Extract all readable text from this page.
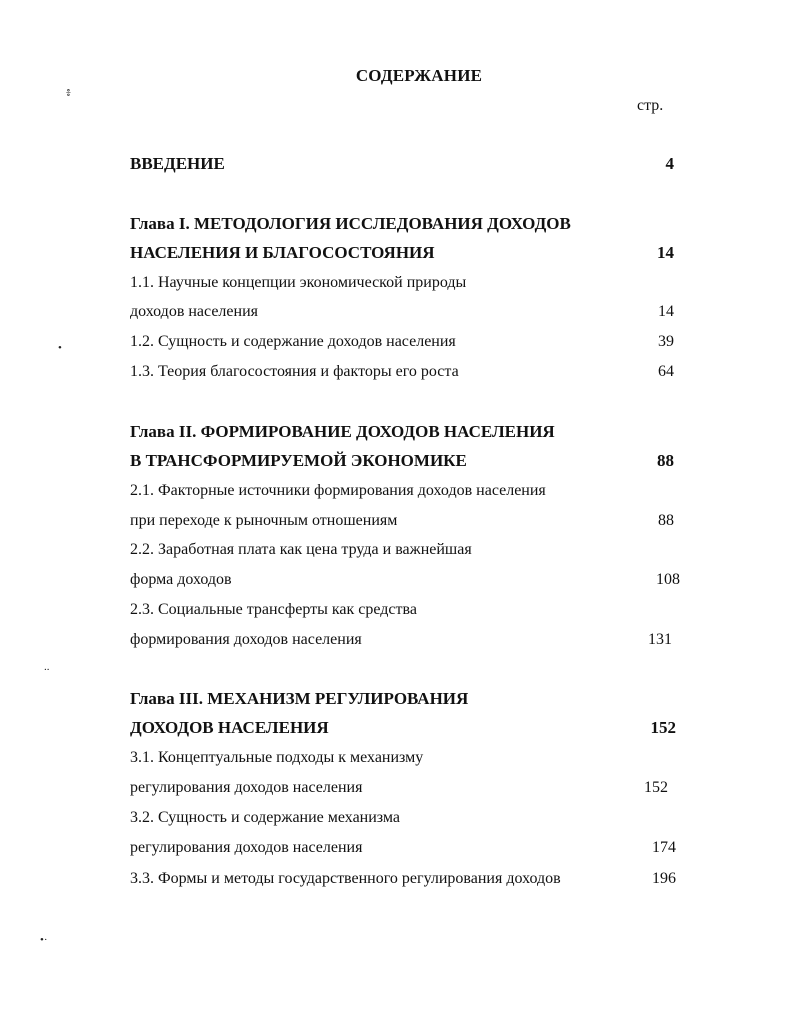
СОДЕРЖАНИЕ
стр.
ВВЕДЕНИЕ	4
Глава I. МЕТОДОЛОГИЯ ИССЛЕДОВАНИЯ ДОХОДОВ
НАСЕЛЕНИЯ И БЛАГОСОСТОЯНИЯ	14
1.1. Научные концепции экономической природы
доходов населения	14
1.2. Сущность и содержание доходов населения	39
1.3. Теория благосостояния и факторы его роста	64
Глава II. ФОРМИРОВАНИЕ ДОХОДОВ НАСЕЛЕНИЯ
В ТРАНСФОРМИРУЕМОЙ ЭКОНОМИКЕ	88
2.1. Факторные источники формирования доходов населения
при переходе к рыночным отношениям	88
2.2. Заработная плата как цена труда и важнейшая
форма доходов	108
2.3. Социальные трансферты как средства
формирования доходов населения	131
Глава III. МЕХАНИЗМ РЕГУЛИРОВАНИЯ
ДОХОДОВ НАСЕЛЕНИЯ	152
3.1. Концептуальные подходы к механизму
регулирования доходов населения	152
3.2. Сущность и содержание механизма
регулирования доходов населения	174
3.3. Формы и методы государственного регулирования доходов	196
៖
•
∙∙
•·
